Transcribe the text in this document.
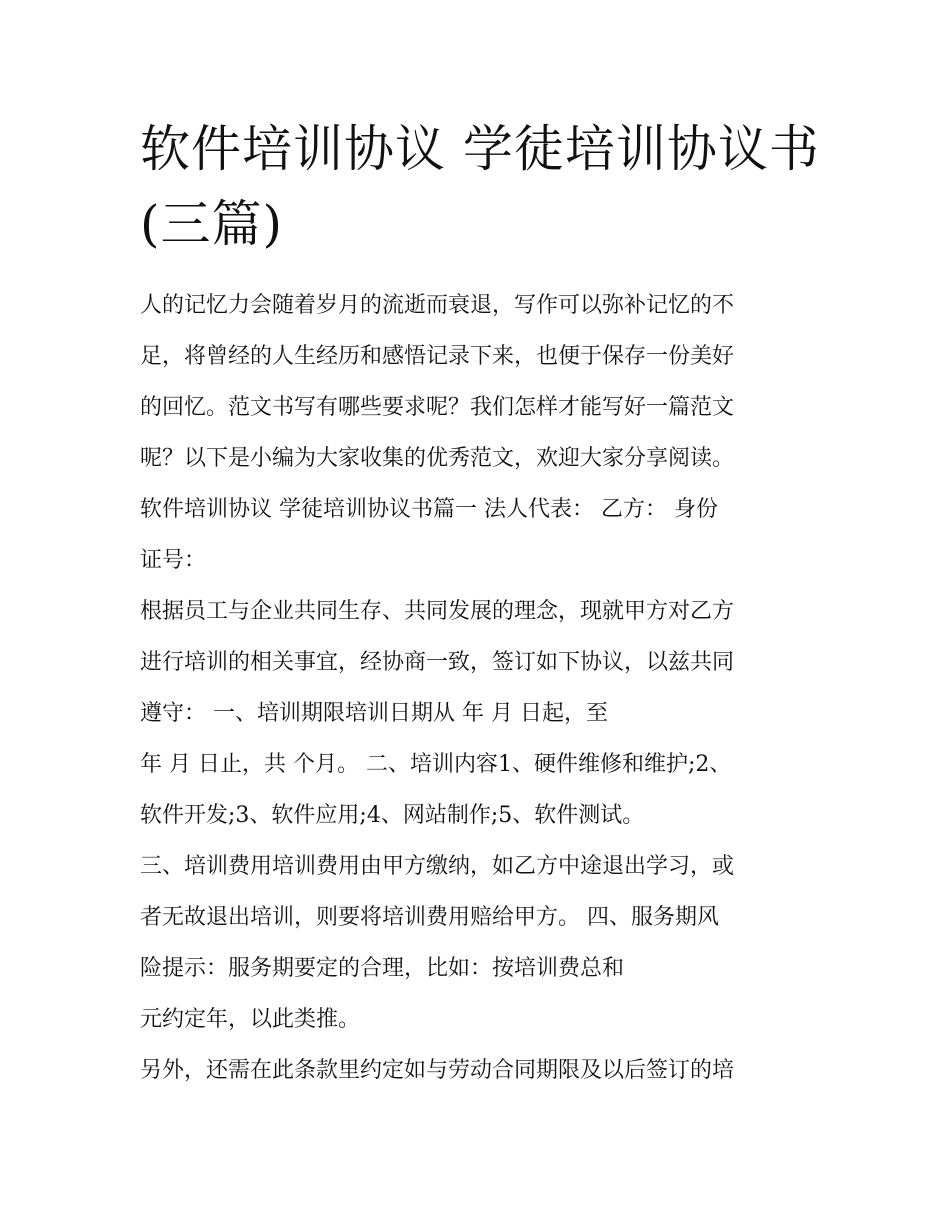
软件培训协议 学徒培训协议书
(三篇)
人的记忆力会随着岁月的流逝而衰退，写作可以弥补记忆的不
足，将曾经的人生经历和感悟记录下来，也便于保存一份美好
的回忆。范文书写有哪些要求呢？我们怎样才能写好一篇范文
呢？以下是小编为大家收集的优秀范文，欢迎大家分享阅读。
软件培训协议 学徒培训协议书篇一 法人代表： 乙方： 身份
证号：
根据员工与企业共同生存、共同发展的理念，现就甲方对乙方
进行培训的相关事宜，经协商一致，签订如下协议，以兹共同
遵守： 一、培训期限培训日期从 年 月 日起，至
年 月 日止，共 个月。 二、培训内容1、硬件维修和维护;2、
软件开发;3、软件应用;4、网站制作;5、软件测试。
三、培训费用培训费用由甲方缴纳，如乙方中途退出学习，或
者无故退出培训，则要将培训费用赔给甲方。 四、服务期风
险提示：服务期要定的合理，比如：按培训费总和
元约定年，以此类推。
另外，还需在此条款里约定如与劳动合同期限及以后签订的培
